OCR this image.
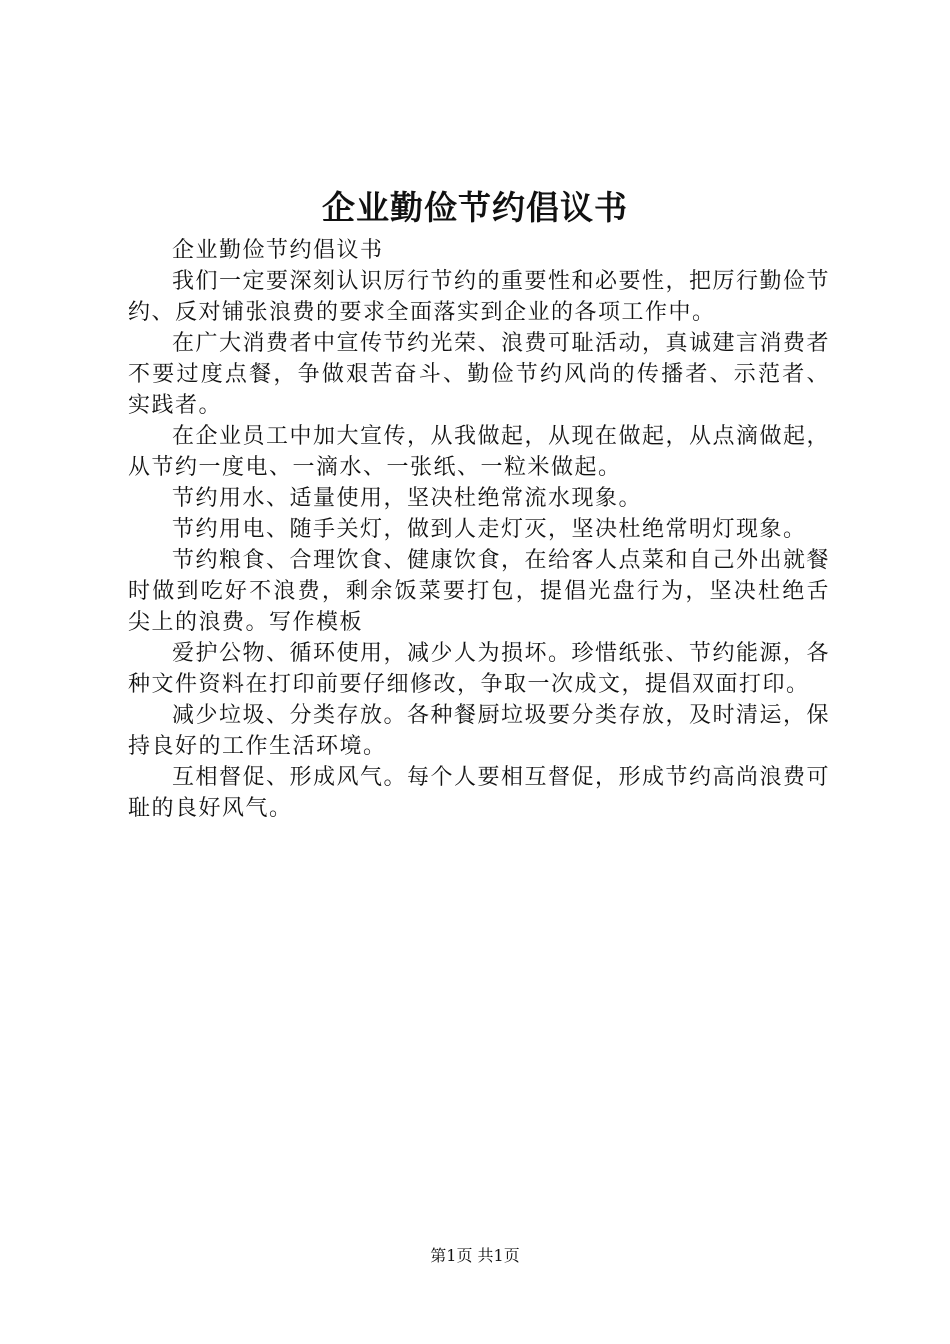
企业勤俭节约倡议书

企业勤俭节约倡议书

我们一定要深刻认识厉行节约的重要性和必要性，把厉行勤俭节约、反对铺张浪费的要求全面落实到企业的各项工作中。

在广大消费者中宣传节约光荣、浪费可耻活动，真诚建言消费者不要过度点餐，争做艰苦奋斗、勤俭节约风尚的传播者、示范者、实践者。

在企业员工中加大宣传，从我做起，从现在做起，从点滴做起，从节约一度电、一滴水、一张纸、一粒米做起。

节约用水、适量使用，坚决杜绝常流水现象。

节约用电、随手关灯，做到人走灯灭，坚决杜绝常明灯现象。

节约粮食、合理饮食、健康饮食，在给客人点菜和自己外出就餐时做到吃好不浪费，剩余饭菜要打包，提倡光盘行为，坚决杜绝舌尖上的浪费。写作模板

爱护公物、循环使用，减少人为损坏。珍惜纸张、节约能源，各种文件资料在打印前要仔细修改，争取一次成文，提倡双面打印。

减少垃圾、分类存放。各种餐厨垃圾要分类存放，及时清运，保持良好的工作生活环境。

互相督促、形成风气。每个人要相互督促，形成节约高尚浪费可耻的良好风气。

第1页 共1页
